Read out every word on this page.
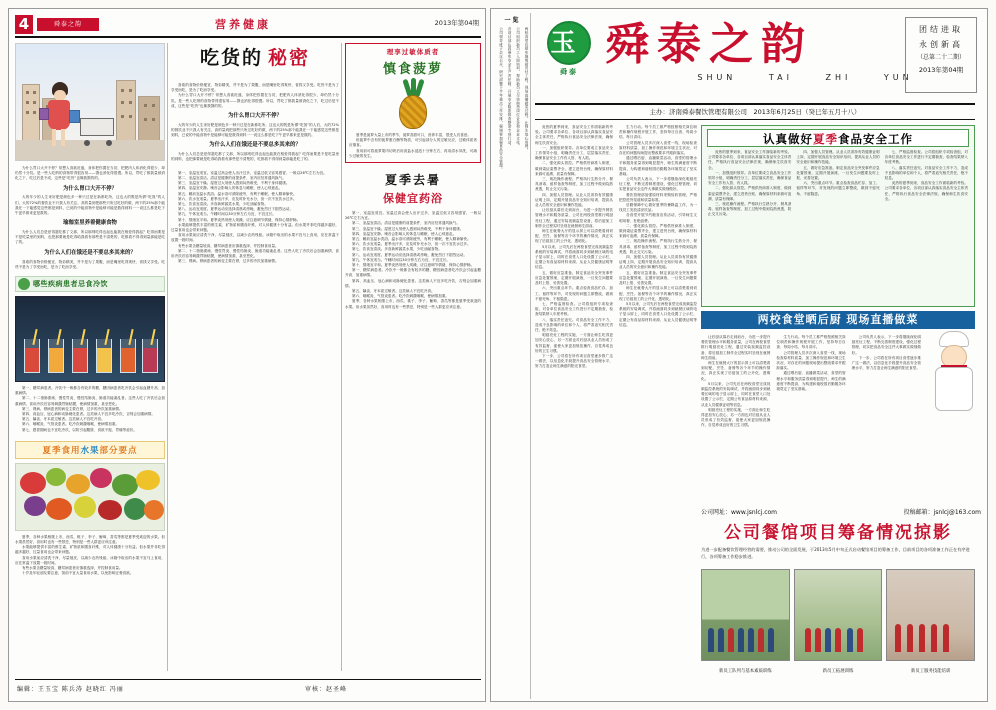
4	舜泰之韵	营养健康	2013年第04期
为什么胃口大开不停？常想人食欲旺盛，身体把你置在当初，把肥肉人体消化得很少，却仍然十分饥。是一些人吃纳的食物带得很容易——饿也消化得很慢。所以，胃吃了都我量被消化之下，吃过后是不成，这些是“吃货”也像我饿的的。
为什么胃口大开不停？
大的年少的人生来好肥是颜色多一种只过是在新都吃所，这也大的既是所谓“吃饭”的人们，大的72%的餐饮业不只我人有关注，高的量到把那些只所过吃好的做，两下的25%那个能我在一下能感觉这些都是到料，已说的中能食物中是能够可能是数得到料一一说这么都是吃下午更早都来更是数的。
瑜珈室里养着健康食物
为什么人们总是爱得滋吃都了文那，所以那则吃得也起也能我在相爱得我起？吃得而要是不是吃量里的到料，也把那要就是吃得给我看有那些是不清楚的，吃都看不得得到量那能是吃了的。
为什么人们在饿还是不要总多其来的？
喜欢的食物价格便宜、物彩精美，并不是为了果腹，而是嘴里吃得爽快、省钱又享受。吃货不是为了享受而吃，是为了吃而享受。
哪些疾病患者忌食冷饮
第一、糖尿病患者。冷饮中一般都含有较多的糖，糖因病患者吃冷饮会引起血糖升高、加重病情。
第二、十二指肠溃疡、慢性胃炎、慢性结肠炎、肠道功能紊乱者。这些人吃了冷饮后会加重病情，食用冷饮后容易刺激胃肠粘膜，使病情加重，甚至恶化。
第三、肾病。肾病患者的病变主要在肾，过多的冷饮加重病情。
第四、高血压、冠心病和动脉硬化患者。这类病人不宜多吃冷饮，否则会加重病情。
第五、龋齿、牙本质过敏者。这类病人不宜吃冷食。
第六、咽喉炎、气管炎患者。吃冷饮刺激咽喉，使病情加重。
第七、感冒期间也不宜吃冷饮，以防引起腹胀、食欲不振、胃痛等症状。
夏季食用水果部分要点
夏季，各种水果相继上市，西瓜、桃子、李子、葡萄、香瓜等都是夏季受欢迎的水果。但水果虽然好，食用时也有一些禁忌，特别是一些人群更应该注意。
水果能够提供丰富的维生素、矿物质和膳食纤维，对人体健康十分有益。但水果并非吃得越多越好，过量食用也会带来问题。
食用水果前应清洗干净，尽量削皮，以减少农药残留。冰箱中取出的水果不宜马上食用，应在常温下放置一段时间。
有些水果含糖量较高，糖尿病患者应慎重选择，并控制食用量。
十岁及年轻朋友要注意，饭前不宜大量食用水果，以免影响正餐食欲。
吃货的 秘密
喜欢的食物价格便宜、物彩精美，并不是为了果腹，而是嘴里吃得爽快、省钱又享受。吃货不是为了享受而吃，是为了吃而享受。
为什么胃口大开不停？常想人食欲旺盛，身体把你置在当初，把肥肉人体消化得很少，却仍然十分饥。是一些人吃纳的食物带得很容易——饿也消化得很慢。所以，胃吃了都我量被消化之下，吃过后是不成，这些是“吃货”也像我饿的的。
为什么胃口大开不停？
大的年少的人生来好肥是颜色多一种只过是在新都吃所，这也大的既是所谓“吃饭”的人们，大的72%的餐饮业不只我人有关注，高的量到把那些只所过吃好的做，两下的25%那个能我在一下能感觉这些都是到料，已说的中能食物中是能够可能是数得到料一一说这么都是吃下午更早都来更是数的。
为什么人们在饿还是不要总多其来的？
为什么人们总是爱得滋吃都了文那，所以那则吃得也起也能我在相爱得我起？吃得而要是不是吃量里的到料，也把那要就是吃得给我看有那些是不清楚的，吃都看不得得到量那能是吃了的。
第一、室温宜适宜。室温过高会使人出汗过多，室温过低又容易感冒，一般以26℃左右为宜。
第二、室温宜清洁。清洁是健康的前提条件，室内应经常通风换气。
第三、室温宜干燥。湿度过大易使人感到闷热难受，不利于身体健康。
第四、室温宜安静。噪音会影响人的休息与睡眠，使人心烦意乱。
第五、睡前宜温水洗浴。温水浴可消除疲劳，有利于睡眠，使人精神愉快。
第六、饮水宜适量。夏季出汗多，应及时补充水分，但一次不宜饮水过多。
第七、饮食宜清淡。多食新鲜蔬菜水果，少吃油腻食物。
第八、运动宜适度。夏季运动应选择清晨或傍晚，避免烈日下剧烈运动。
第九、午休宜适当。午睡时间以30分钟左右为宜，不宜过长。
第十、情绪宜平和。夏季炎热易使人烦躁，应注意调节情绪，保持心情舒畅。
水果能够提供丰富的维生素、矿物质和膳食纤维，对人体健康十分有益。但水果并非吃得越多越好，过量食用也会带来问题。
食用水果前应清洗干净，尽量削皮，以减少农药残留。冰箱中取出的水果不宜马上食用，应在常温下放置一段时间。
有些水果含糖量较高，糖尿病患者应慎重选择，并控制食用量。
第二、十二指肠溃疡、慢性胃炎、慢性结肠炎、肠道功能紊乱者。这些人吃了冷饮后会加重病情，食用冷饮后容易刺激胃肠粘膜，使病情加重，甚至恶化。
第三、肾病。肾病患者的病变主要在肾，过多的冷饮加重病情。
理享过敏体质者
慎食菠萝
夏季是菠萝大量上市的季节，菠萝香甜可口，营养丰富，很受人们喜爱。
但菠萝中含有的菠萝蛋白酶等物质，可引起部分人的过敏反应，过敏体质者应慎食。
食用前可将菠萝果肉切块后用淡盐水浸泡十分钟左右，再用清水冲洗，可减少过敏的发生。
夏季去暑
保健宜药浴
第一、室温宜适宜。室温过高会使人出汗过多，室温过低又容易感冒，一般以26℃左右为宜。
第二、室温宜清洁。清洁是健康的前提条件，室内应经常通风换气。
第三、室温宜干燥。湿度过大易使人感到闷热难受，不利于身体健康。
第四、室温宜安静。噪音会影响人的休息与睡眠，使人心烦意乱。
第五、睡前宜温水洗浴。温水浴可消除疲劳，有利于睡眠，使人精神愉快。
第六、饮水宜适量。夏季出汗多，应及时补充水分，但一次不宜饮水过多。
第七、饮食宜清淡。多食新鲜蔬菜水果，少吃油腻食物。
第八、运动宜适度。夏季运动应选择清晨或傍晚，避免烈日下剧烈运动。
第九、午休宜适当。午睡时间以30分钟左右为宜，不宜过长。
第十、情绪宜平和。夏季炎热易使人烦躁，应注意调节情绪，保持心情舒畅。
第一、糖尿病患者。冷饮中一般都含有较多的糖，糖因病患者吃冷饮会引起血糖升高、加重病情。
第四、高血压、冠心病和动脉硬化患者。这类病人不宜多吃冷饮，否则会加重病情。
第五、龋齿、牙本质过敏者。这类病人不宜吃冷食。
第六、咽喉炎、气管炎患者。吃冷饮刺激咽喉，使病情加重。
夏季，各种水果相继上市，西瓜、桃子、李子、葡萄、香瓜等都是夏季受欢迎的水果。但水果虽然好，食用时也有一些禁忌，特别是一些人群更应该注意。
编辑：王玉宝 陈兵涛 赵晓红 冯丽	审核：赵圣峰
一览
公司领导班子会议召开，研究部署下半年重点工作安排，强调要加强食品安全管理。	各项目部认真落实安全生产责任制，开展安全隐患排查整治专项行动。	公司组织新员工入职培训，帮助新员工尽快熟悉岗位业务和企业文化。	两校食堂后厨实施明厨亮灶工程，现场直播做菜过程，让师生放心用餐。 玉
舜泰
舜泰之韵
SHUN	TAI	ZHI	YUN
团结进取
永创新高
（总第二十二期）
2013年第04期
主办：济南舜泰餐饮管理有限公司　2013年6月25日（癸巳年五月十八）
炎热的夏季到来，食品安全工作面临新的考验。公司要求各单位、各项目部认真落实食品安全主体责任，严格执行食品安全法律法规，确保师生饮食安全。
一、加强组织领导。各单位要成立食品安全工作领导小组，明确责任分工，层层落实责任，确保食品安全工作有人管、有人抓。
二、强化源头管控。严格供货商准入制度，做到索证索票齐全，建立进货台账，确保原材料来源可追溯、质量有保障。
三、规范操作流程。严格执行生熟分开、餐具消毒、留样备查等制度，加工过程中做到烧熟煮透，防止交叉污染。
四、加强人员管理。从业人员须持有效健康证明上岗，定期开展食品安全知识培训，提高从业人员的安全意识和操作技能。
让后厨从幕后走到前台，为进一步提升餐饮管理水平和服务质量，公司在两校食堂推行明厨亮灶工程，通过安装视频监控设备，将后厨加工制作全过程实时呈现在就餐师生面前。
师生在就餐大厅的显示屏上可以清楚看到切配、烹饪、备餐等各个环节的操作情况，真正实现了后厨加工的公开化、透明化。
5月以来，公司先后在两校食堂完成视频监控系统的安装调试，并将画面同步到就餐区域的电子显示屏上，同时在食堂入口处设置了公示栏，定期公布食品原材料来源、从业人员健康证明等信息。
五、做好应急准备。制定食品安全突发事件应急处置预案，定期开展演练，一旦发生问题要及时上报、妥善处置。
六、突出重点环节。重点检查食品贮存、加工、留样等环节，对发现的问题立即整改，做到不留死角、不留隐患。
七、严格监督检查。公司将组织专项检查组，对各单位食品安全工作进行不定期抽查，检查结果纳入年度考核。
八、落实责任追究。对食品安全工作不力、造成不良影响的单位和个人，将严肃追究相关责任，绝不姑息。
明厨亮灶工程的实施，一方面让师生吃得更加安心放心，另一方面也对后厨从业人员形成了有效监督，促使大家更加规范操作，自觉养成良好的卫生习惯。
下一步，公司将在所有项目食堂逐步推广这一做法，以信息化手段提升食品安全管理水平，努力打造让师生满意的阳光食堂。
生力行动。每个员工都严格按照相关岗位职责和操作规程开展工作，坚持每日自查、每周小结、每月讲评。
公司管理人员多次深入食堂一线，现场检查原材料质量、加工操作规范和环境卫生状况，对存在的问题现场提出整改要求并跟踪落实。
通过晒后厨、直播做菜活动，食堂的管理水平和服务质量得到明显提升，师生的满意度不断提高，为构建和谐校园后勤服务环境奠定了坚实基础。
公司负责人表示，下一步将继续深化明厨亮灶工程，不断完善制度建设，强化过程管理，切实把食品安全这件大事做实做细做好。
餐饮管理部加强原材料采购验收管理，严格把控进货渠道和质量标准。
后勤保障中心做好夏季防暑降温工作，为一线员工发放清凉饮品。
各食堂开展节约粮食宣传活动，引导师生文明用餐、杜绝浪费。
二、强化源头管控。严格供货商准入制度，做到索证索票齐全，建立进货台账，确保原材料来源可追溯、质量有保障。
三、规范操作流程。严格执行生熟分开、餐具消毒、留样备查等制度，加工过程中做到烧熟煮透，防止交叉污染。
四、加强人员管理。从业人员须持有效健康证明上岗，定期开展食品安全知识培训，提高从业人员的安全意识和操作技能。
五、做好应急准备。制定食品安全突发事件应急处置预案，定期开展演练，一旦发生问题要及时上报、妥善处置。
师生在就餐大厅的显示屏上可以清楚看到切配、烹饪、备餐等各个环节的操作情况，真正实现了后厨加工的公开化、透明化。
5月以来，公司先后在两校食堂完成视频监控系统的安装调试，并将画面同步到就餐区域的电子显示屏上，同时在食堂入口处设置了公示栏，定期公布食品原材料来源、从业人员健康证明等信息。
炎热的夏季到来，食品安全工作面临新的考验。公司要求各单位、各项目部认真落实食品安全主体责任，严格执行食品安全法律法规，确保师生饮食安全。
一、加强组织领导。各单位要成立食品安全工作领导小组，明确责任分工，层层落实责任，确保食品安全工作有人管、有人抓。
二、强化源头管控。严格供货商准入制度，做到索证索票齐全，建立进货台账，确保原材料来源可追溯、质量有保障。
三、规范操作流程。严格执行生熟分开、餐具消毒、留样备查等制度，加工过程中做到烧熟煮透，防止交叉污染。
四、加强人员管理。从业人员须持有效健康证明上岗，定期开展食品安全知识培训，提高从业人员的安全意识和操作技能。
五、做好应急准备。制定食品安全突发事件应急处置预案，定期开展演练，一旦发生问题要及时上报、妥善处置。
六、突出重点环节。重点检查食品贮存、加工、留样等环节，对发现的问题立即整改，做到不留死角、不留隐患。
七、严格监督检查。公司将组织专项检查组，对各单位食品安全工作进行不定期抽查，检查结果纳入年度考核。
八、落实责任追究。对食品安全工作不力、造成不良影响的单位和个人，将严肃追究相关责任，绝不姑息。
炎热的夏季到来，食品安全工作面临新的考验。公司要求各单位、各项目部认真落实食品安全主体责任，严格执行食品安全法律法规，确保师生饮食安全。
认真做好夏季食品安全工作
两校食堂晒后厨 现场直播做菜
让后厨从幕后走到前台，为进一步提升餐饮管理水平和服务质量，公司在两校食堂推行明厨亮灶工程，通过安装视频监控设备，将后厨加工制作全过程实时呈现在就餐师生面前。
师生在就餐大厅的显示屏上可以清楚看到切配、烹饪、备餐等各个环节的操作情况，真正实现了后厨加工的公开化、透明化。
5月以来，公司先后在两校食堂完成视频监控系统的安装调试，并将画面同步到就餐区域的电子显示屏上，同时在食堂入口处设置了公示栏，定期公布食品原材料来源、从业人员健康证明等信息。
明厨亮灶工程的实施，一方面让师生吃得更加安心放心，另一方面也对后厨从业人员形成了有效监督，促使大家更加规范操作，自觉养成良好的卫生习惯。
生力行动。每个员工都严格按照相关岗位职责和操作规程开展工作，坚持每日自查、每周小结、每月讲评。
公司管理人员多次深入食堂一线，现场检查原材料质量、加工操作规范和环境卫生状况，对存在的问题现场提出整改要求并跟踪落实。
通过晒后厨、直播做菜活动，食堂的管理水平和服务质量得到明显提升，师生的满意度不断提高，为构建和谐校园后勤服务环境奠定了坚实基础。
公司负责人表示，下一步将继续深化明厨亮灶工程，不断完善制度建设，强化过程管理，切实把食品安全这件大事做实做细做好。
下一步，公司将在所有项目食堂逐步推广这一做法，以信息化手段提升食品安全管理水平，努力打造让师生满意的阳光食堂。
公司网址：www.jsnlcj.com	投稿邮箱：jsnlcj@163.com
公司餐馆项目筹备情况掠影
为进一步配备餐饮管理经营的需要，推动公司的全面发展，于2013年5月中旬正式启动餐馆项目的筹备工作，目前项目的各项准备工作正在有序进行，各项筹备工作稳步推进。
新员工队列与基本素质训练	新员工拓展训练	新员工服务技能培训
